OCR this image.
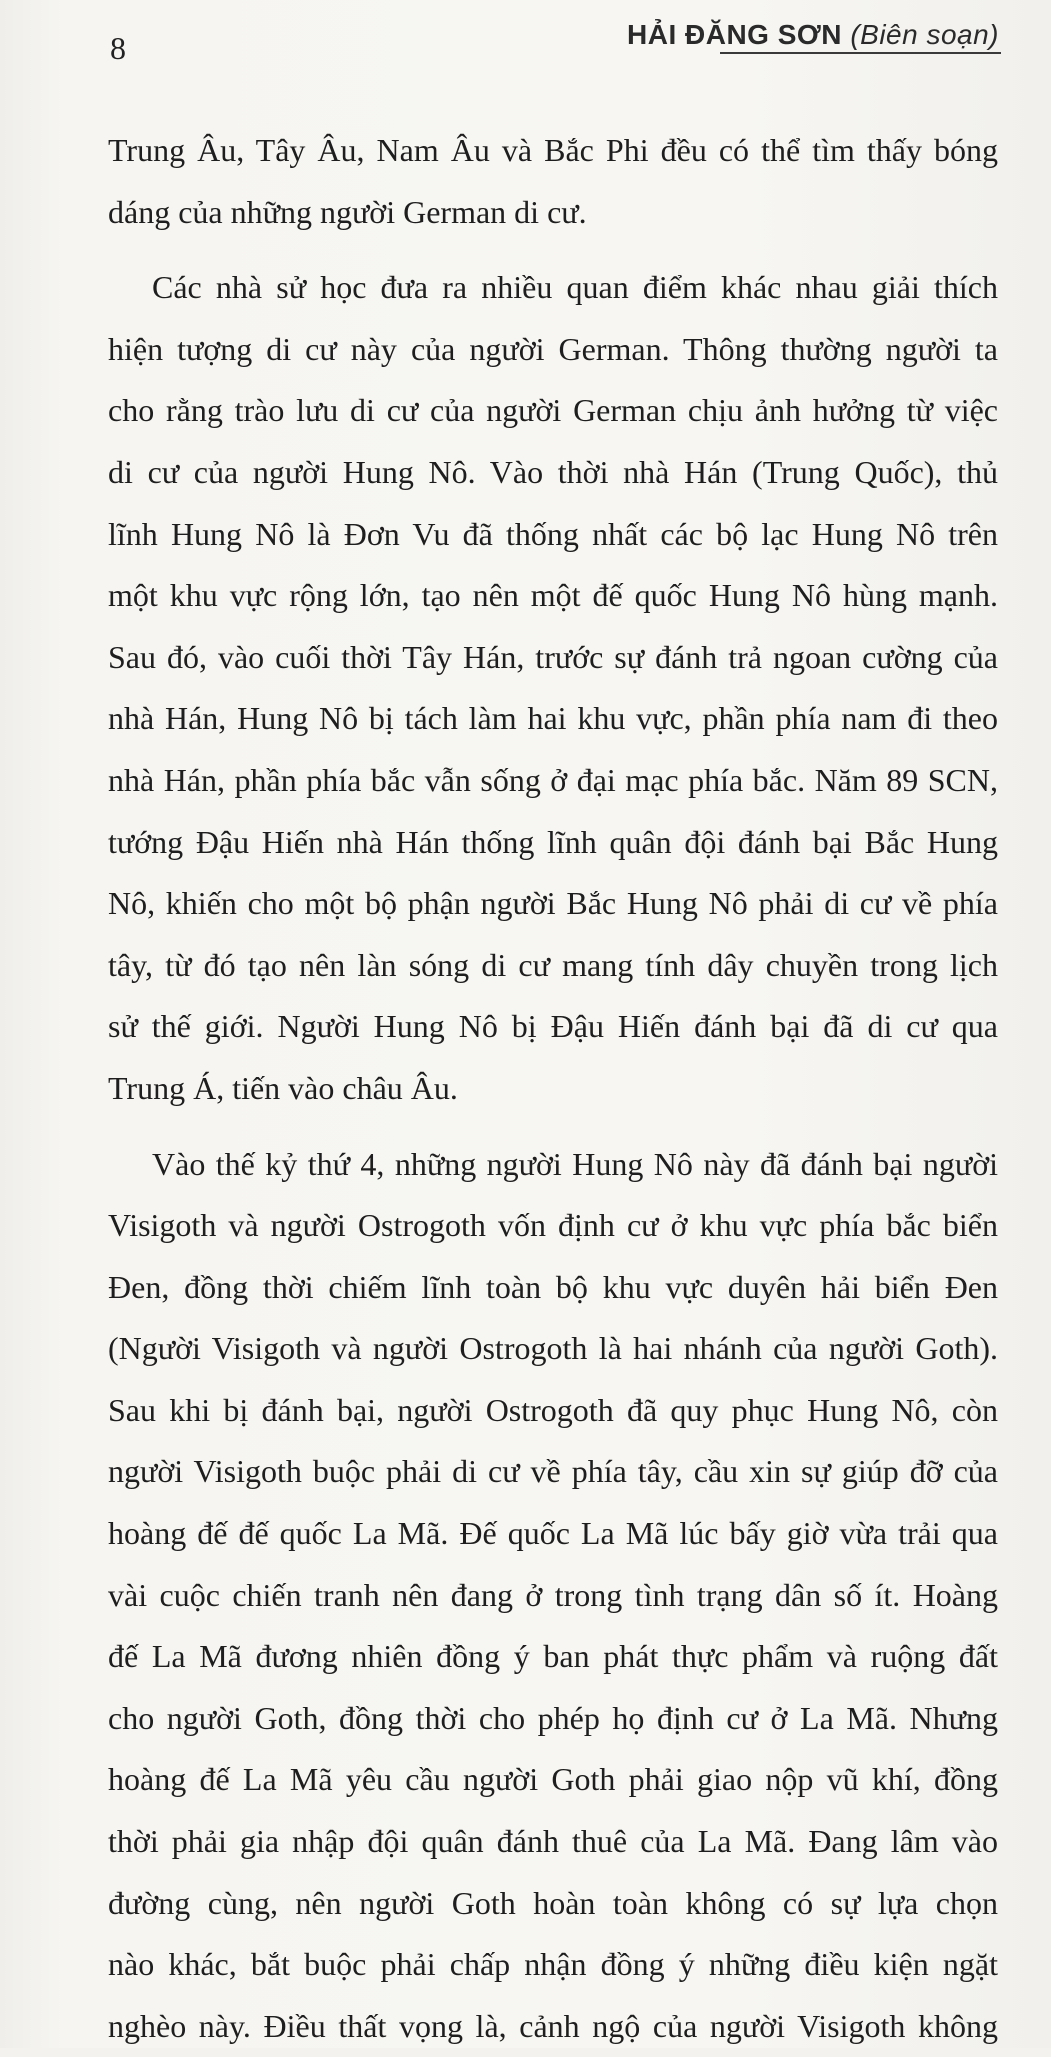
8	HẢI ĐĂNG SƠN (Biên soạn)
Trung Âu, Tây Âu, Nam Âu và Bắc Phi đều có thể tìm thấy bóng
dáng của những người German di cư.
Các nhà sử học đưa ra nhiều quan điểm khác nhau giải thích
hiện tượng di cư này của người German. Thông thường người ta
cho rằng trào lưu di cư của người German chịu ảnh hưởng từ việc
di cư của người Hung Nô. Vào thời nhà Hán (Trung Quốc), thủ
lĩnh Hung Nô là Đơn Vu đã thống nhất các bộ lạc Hung Nô trên
một khu vực rộng lớn, tạo nên một đế quốc Hung Nô hùng mạnh.
Sau đó, vào cuối thời Tây Hán, trước sự đánh trả ngoan cường của
nhà Hán, Hung Nô bị tách làm hai khu vực, phần phía nam đi theo
nhà Hán, phần phía bắc vẫn sống ở đại mạc phía bắc. Năm 89 SCN,
tướng Đậu Hiến nhà Hán thống lĩnh quân đội đánh bại Bắc Hung
Nô, khiến cho một bộ phận người Bắc Hung Nô phải di cư về phía
tây, từ đó tạo nên làn sóng di cư mang tính dây chuyền trong lịch
sử thế giới. Người Hung Nô bị Đậu Hiến đánh bại đã di cư qua
Trung Á, tiến vào châu Âu.
Vào thế kỷ thứ 4, những người Hung Nô này đã đánh bại người
Visigoth và người Ostrogoth vốn định cư ở khu vực phía bắc biển
Đen, đồng thời chiếm lĩnh toàn bộ khu vực duyên hải biển Đen
(Người Visigoth và người Ostrogoth là hai nhánh của người Goth).
Sau khi bị đánh bại, người Ostrogoth đã quy phục Hung Nô, còn
người Visigoth buộc phải di cư về phía tây, cầu xin sự giúp đỡ của
hoàng đế đế quốc La Mã. Đế quốc La Mã lúc bấy giờ vừa trải qua
vài cuộc chiến tranh nên đang ở trong tình trạng dân số ít. Hoàng
đế La Mã đương nhiên đồng ý ban phát thực phẩm và ruộng đất
cho người Goth, đồng thời cho phép họ định cư ở La Mã. Nhưng
hoàng đế La Mã yêu cầu người Goth phải giao nộp vũ khí, đồng
thời phải gia nhập đội quân đánh thuê của La Mã. Đang lâm vào
đường cùng, nên người Goth hoàn toàn không có sự lựa chọn
nào khác, bắt buộc phải chấp nhận đồng ý những điều kiện ngặt
nghèo này. Điều thất vọng là, cảnh ngộ của người Visigoth không
